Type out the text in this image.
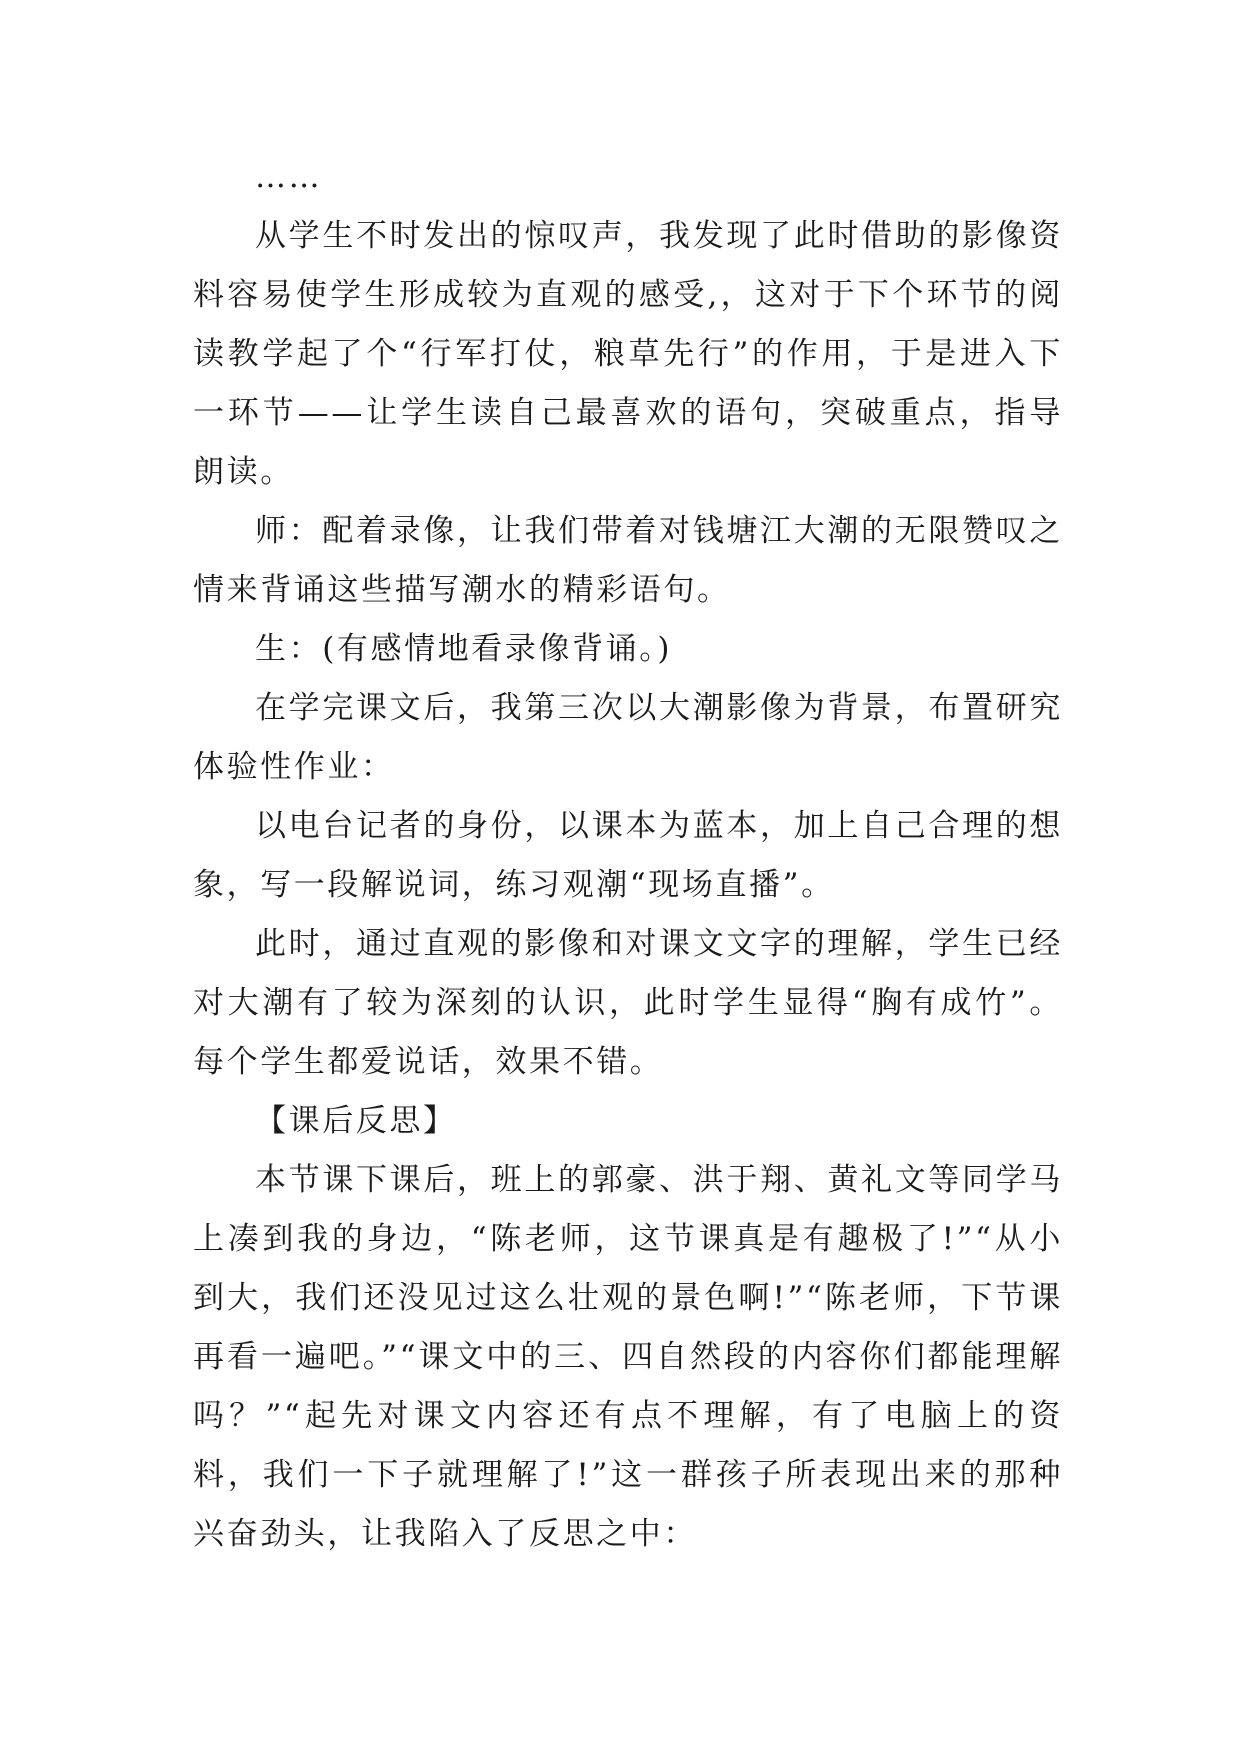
……

从学生不时发出的惊叹声，我发现了此时借助的影像资料容易使学生形成较为直观的感受,，这对于下个环节的阅读教学起了个“行军打仗，粮草先行”的作用，于是进入下一环节——让学生读自己最喜欢的语句，突破重点，指导朗读。

师：配着录像，让我们带着对钱塘江大潮的无限赞叹之情来背诵这些描写潮水的精彩语句。

生：(有感情地看录像背诵。)

在学完课文后，我第三次以大潮影像为背景，布置研究体验性作业：

以电台记者的身份，以课本为蓝本，加上自己合理的想象，写一段解说词，练习观潮“现场直播”。

此时，通过直观的影像和对课文文字的理解，学生已经对大潮有了较为深刻的认识，此时学生显得“胸有成竹”。每个学生都爱说话，效果不错。

【课后反思】

本节课下课后，班上的郭豪、洪于翔、黄礼文等同学马上凑到我的身边，“陈老师，这节课真是有趣极了!”“从小到大，我们还没见过这么壮观的景色啊!”“陈老师，下节课再看一遍吧。”“课文中的三、四自然段的内容你们都能理解吗？”“起先对课文内容还有点不理解，有了电脑上的资料，我们一下子就理解了!”这一群孩子所表现出来的那种兴奋劲头，让我陷入了反思之中：
